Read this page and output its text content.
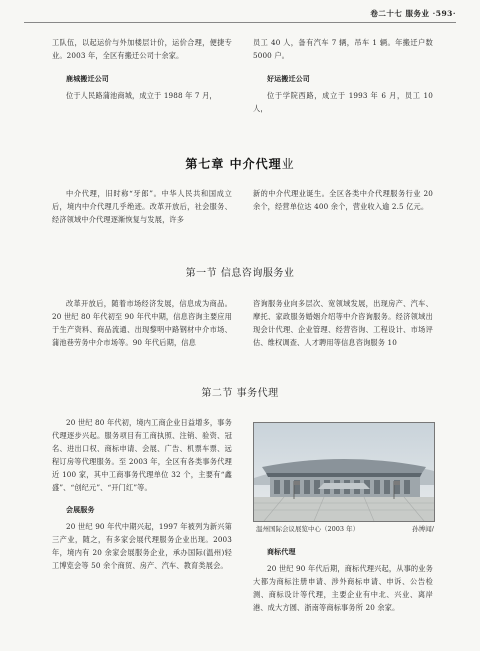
卷二十七 服务业 ·593·

工队伍，以起运价与外加楼层计价，运价合理，便捷专业。2003 年，全区有搬迁公司十余家。

鹿城搬迁公司

位于人民路蒲池商城，成立于 1988 年 7 月，

员工 40 人，备有汽车 7 辆，吊车 1 辆。年搬迁户数 5000 户。

好运搬迁公司

位于学院西路，成立于 1993 年 6 月，员工 10 人，

第七章 中介代理业

中介代理，旧时称“牙郎”。中华人民共和国成立后，境内中介代理几乎绝迹。改革开放后，社会服务、经济领域中介代理逐渐恢复与发展，许多

新的中介代理业诞生。全区各类中介代理服务行业 20 余个，经营单位达 400 余个，营业收入逾 2.5 亿元。

第一节 信息咨询服务业

改革开放后，随着市场经济发展，信息成为商品。20 世纪 80 年代初至 90 年代中期，信息咨询主要应用于生产资料、商品流通、出现黎明中路钢材中介市场、蒲池巷劳务中介市场等。90 年代后期，信息

咨询服务业向多层次、宽领域发展，出现房产、汽车、摩托、家政服务婚姻介绍等中介咨询服务。经济领域出现会计代理、企业管理、经营咨询、工程设计、市场评估、维权调查、人才聘用等信息咨询服务 10

第二节 事务代理

20 世纪 80 年代初，境内工商企业日益增多，事务代理逐步兴起。服务项目有工商执照、注销、验资、冠名、进出口权、商标申请、会展、广告、机票车票、远程订房等代理服务。至 2003 年，全区有各类事务代理近 100 家，其中工商事务代理单位 32 个，主要有“鑫盛”、“创纪元”、“开门红”等。

会展服务

20 世纪 90 年代中期兴起，1997 年被列为新兴第三产业，随之，有多家会展代理服务企业出现。2003 年，境内有 20 余家会展服务企业，承办国际(温州)轻工博览会等 50 余个商贸、房产、汽车、教育类展会。

温州国际会议展览中心（2003 年）	孙博闻/
商标代理

20 世纪 90 年代后期，商标代理兴起，从事的业务大都为商标注册申请、涉外商标申请、申诉、公告检测、商标设计等代理，主要企业有中北、兴业、离岸港、成大方圆、浙南等商标事务所 20 余家。
